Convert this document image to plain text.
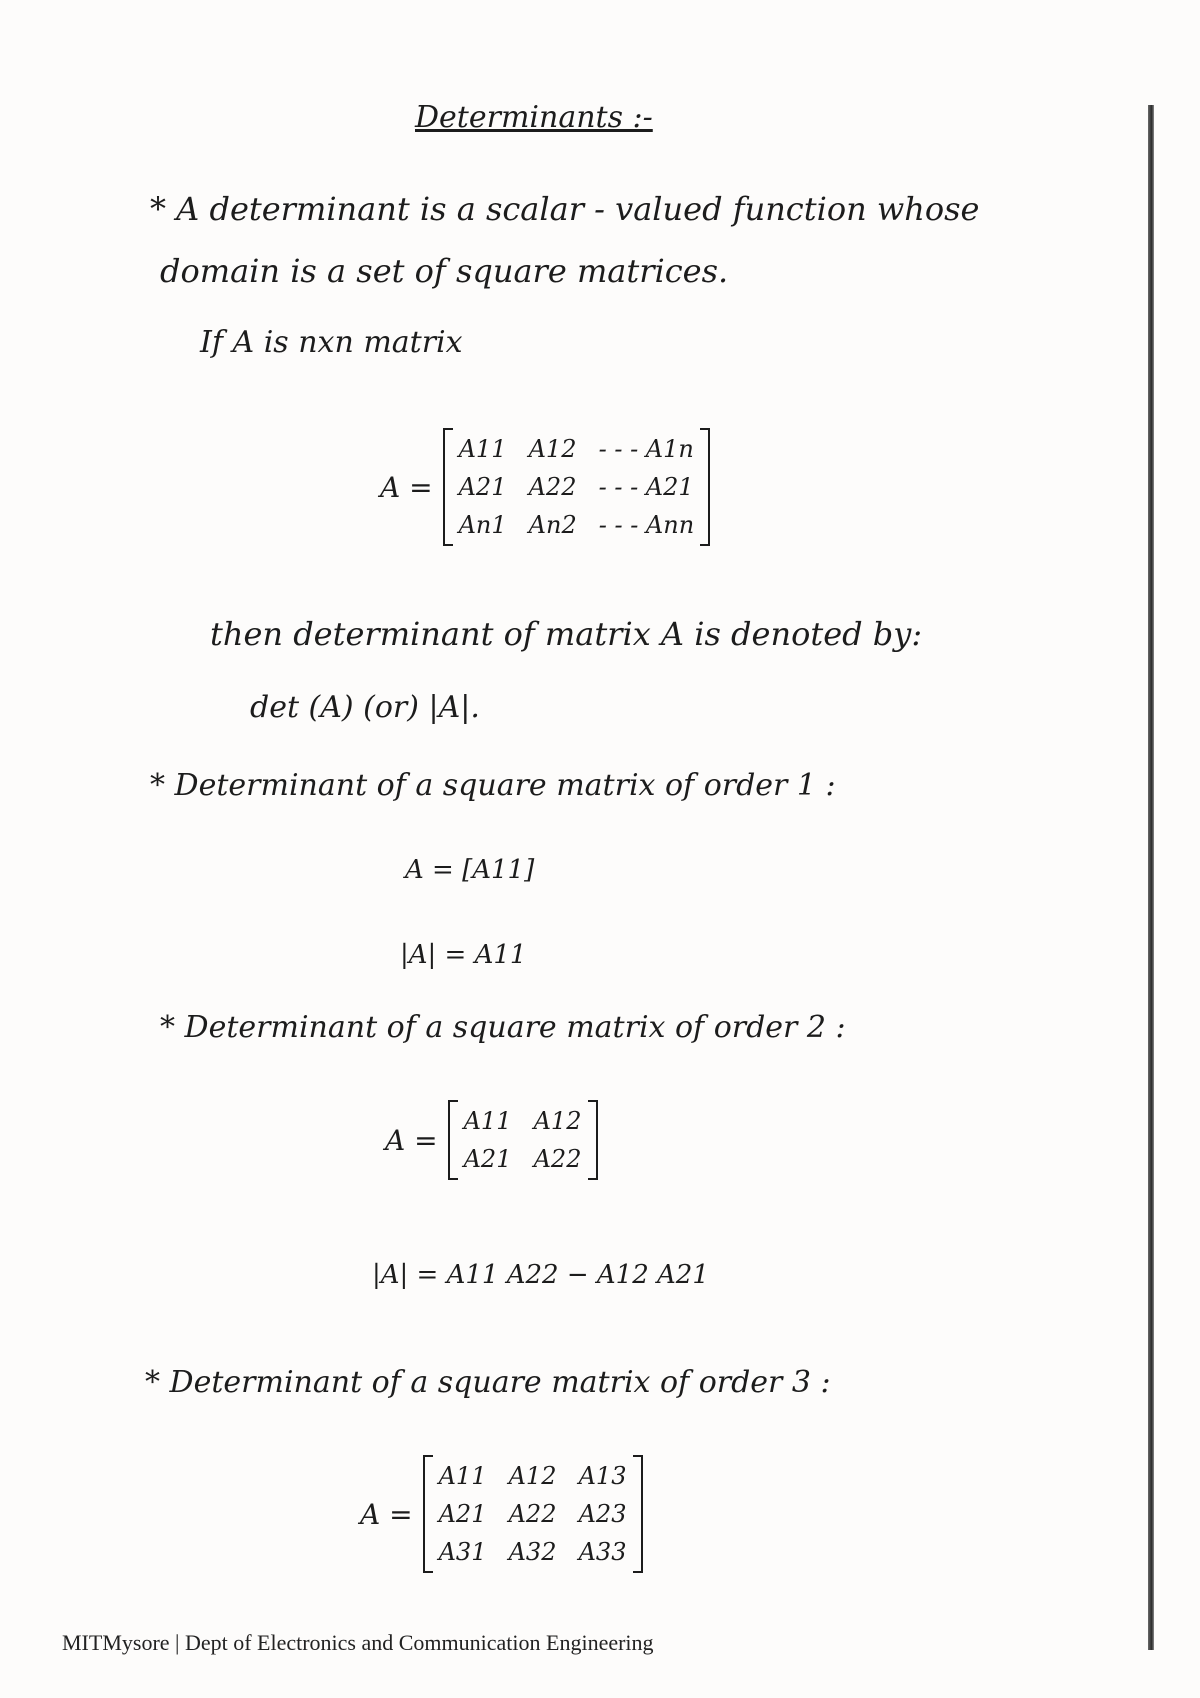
Determinants :-
* A determinant is a scalar - valued function whose
domain is a set of square matrices.
If A is nxn matrix
A =
A11 A12 - - - A1n
A21 A22 - - - A21
An1 An2 - - - Ann
then determinant of matrix A is denoted by:
det (A) (or) |A|.
* Determinant of a square matrix of order 1 :
A = [A11]
|A| = A11
* Determinant of a square matrix of order 2 :
A =
A11 A12
A21 A22
|A| = A11 A22 − A12 A21
* Determinant of a square matrix of order 3 :
A =
A11 A12 A13
A21 A22 A23
A31 A32 A33
MITMysore | Dept of Electronics and Communication Engineering
